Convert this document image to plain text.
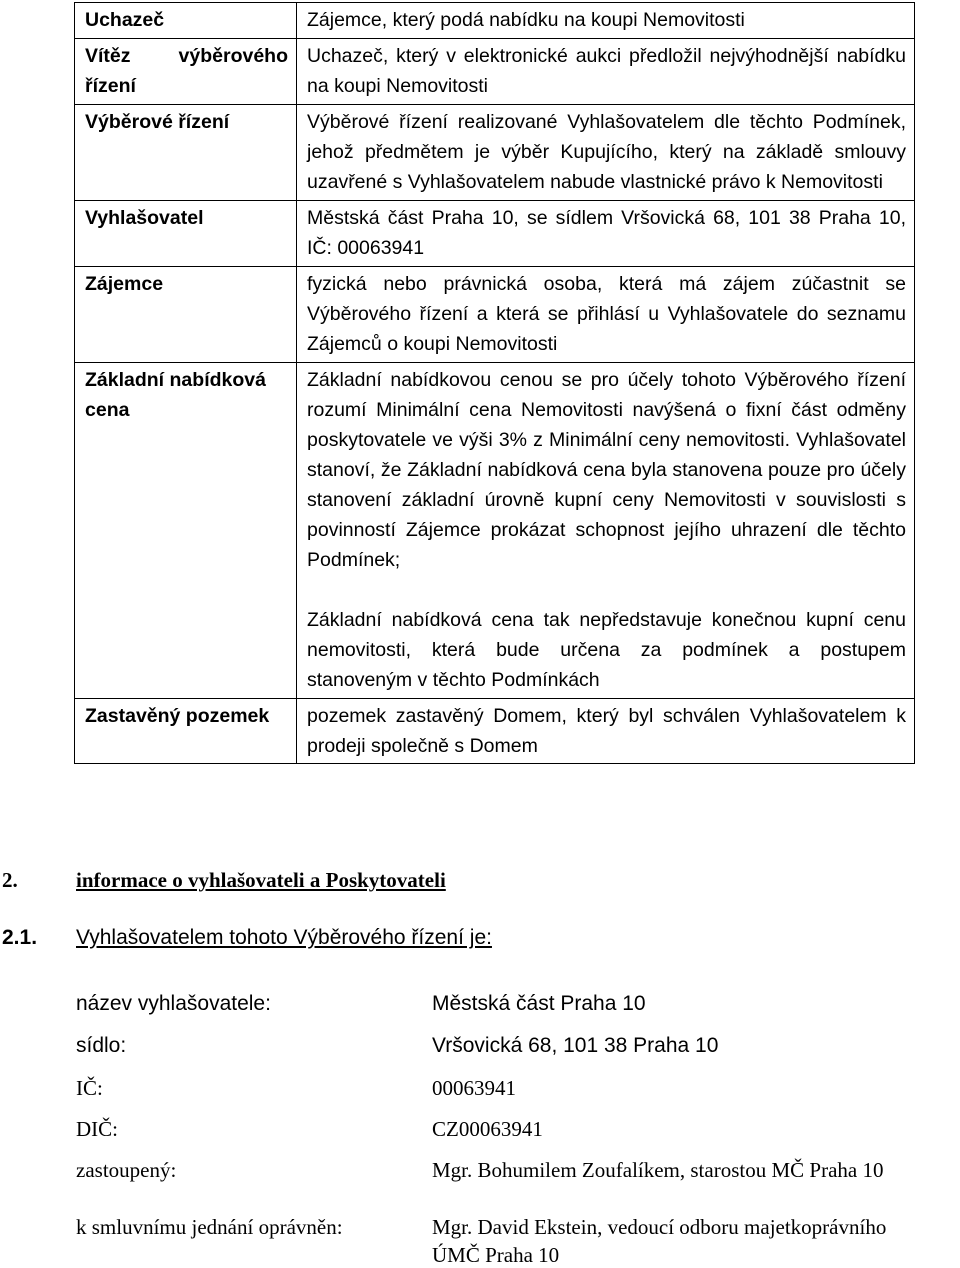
Uchazeč	Zájemce, který podá nabídku na koupi Nemovitosti

Vítěz výběrového řízení	Uchazeč, který v elektronické aukci předložil nejvýhodnější nabídku na koupi Nemovitosti

Výběrové řízení	Výběrové řízení realizované Vyhlašovatelem dle těchto Podmínek, jehož předmětem je výběr Kupujícího, který na základě smlouvy uzavřené s Vyhlašovatelem nabude vlastnické právo k Nemovitosti

Vyhlašovatel	Městská část Praha 10, se sídlem Vršovická 68, 101 38 Praha 10, IČ: 00063941

Zájemce	fyzická nebo právnická osoba, která má zájem zúčastnit se Výběrového řízení a která se přihlásí u Vyhlašovatele do seznamu Zájemců o koupi Nemovitosti

Základní nabídková cena	Základní nabídkovou cenou se pro účely tohoto Výběrového řízení rozumí Minimální cena Nemovitosti navýšená o fixní část odměny poskytovatele ve výši 3% z Minimální ceny nemovitosti. Vyhlašovatel stanoví, že Základní nabídková cena byla stanovena pouze pro účely stanovení základní úrovně kupní ceny Nemovitosti v souvislosti s povinností Zájemce prokázat schopnost jejího uhrazení dle těchto Podmínek;
Základní nabídková cena tak nepředstavuje konečnou kupní cenu nemovitosti, která bude určena za podmínek a postupem stanoveným v těchto Podmínkách

Zastavěný pozemek	pozemek zastavěný Domem, který byl schválen Vyhlašovatelem k prodeji společně s Domem
2.	informace o vyhlašovateli a Poskytovateli
2.1. Vyhlašovatelem tohoto Výběrového řízení je:
název vyhlašovatele:	Městská část Praha 10
sídlo:	Vršovická 68, 101 38 Praha 10
IČ:	00063941
DIČ:	CZ00063941
zastoupený:	Mgr. Bohumilem Zoufalíkem, starostou MČ Praha 10
k smluvnímu jednání oprávněn:	Mgr. David Ekstein, vedoucí odboru majetkoprávního
ÚMČ Praha 10
